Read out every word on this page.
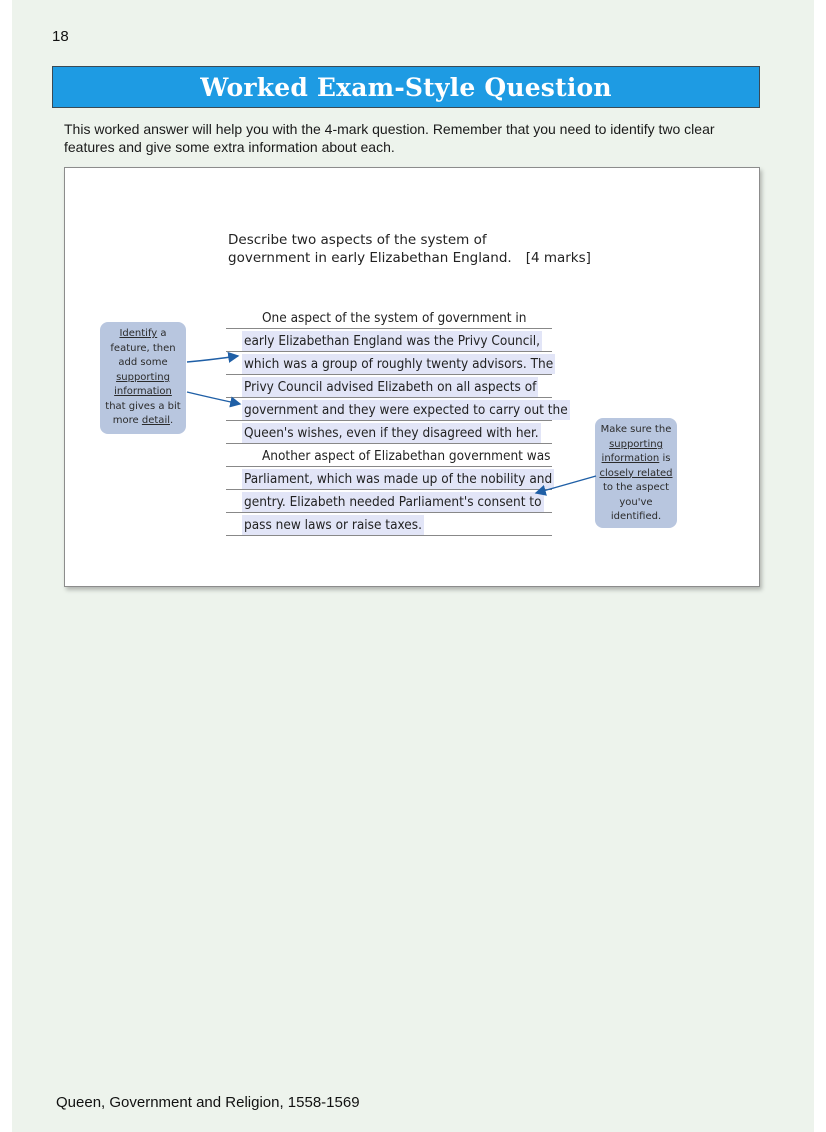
18
Worked Exam-Style Question

This worked answer will help you with the 4-mark question. Remember that you need to identify two clear features and give some extra information about each.

Describe two aspects of the system of
government in early Elizabethan England. [4 marks]
One aspect of the system of government in
early Elizabethan England was the Privy Council,
which was a group of roughly twenty advisors. The
Privy Council advised Elizabeth on all aspects of
government and they were expected to carry out the
Queen's wishes, even if they disagreed with her.
Another aspect of Elizabethan government was
Parliament, which was made up of the nobility and
gentry. Elizabeth needed Parliament's consent to
pass new laws or raise taxes.
Identify a feature, then add some supporting information that gives a bit more detail.
Make sure the supporting information is closely related to the aspect you've identified.
Queen, Government and Religion, 1558-1569
